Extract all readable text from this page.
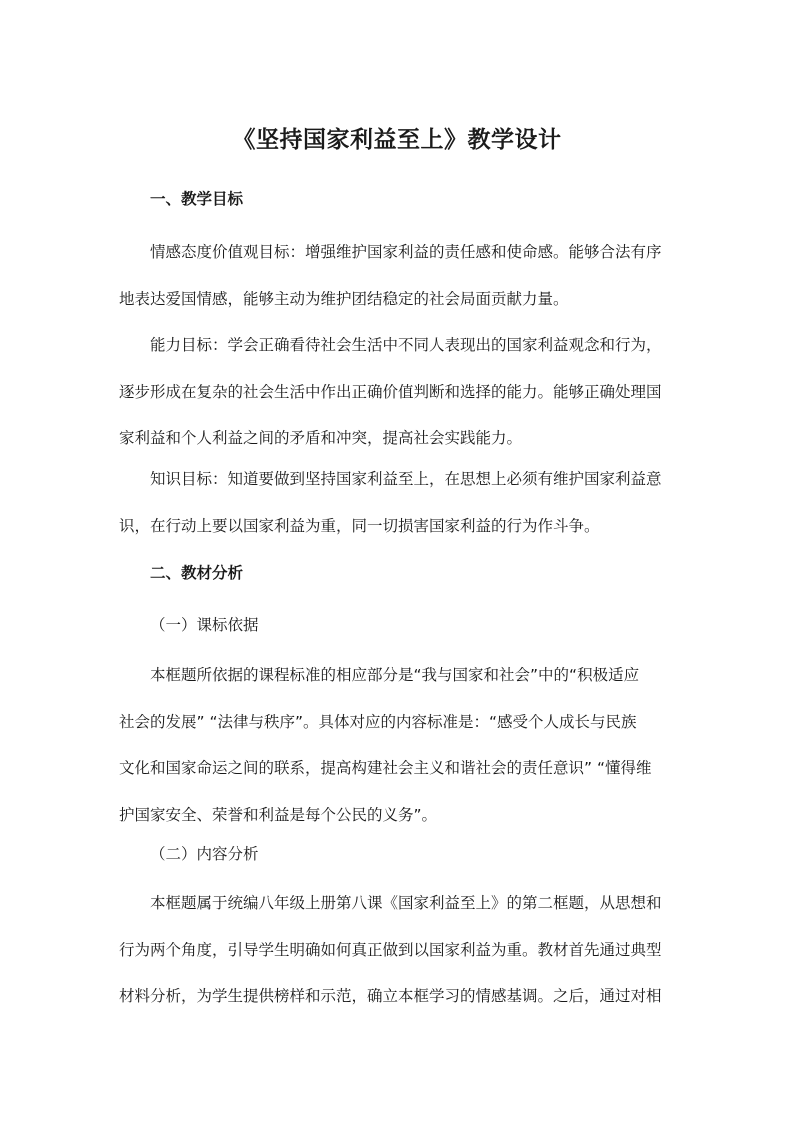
《坚持国家利益至上》教学设计
一、教学目标
情感态度价值观目标：增强维护国家利益的责任感和使命感。能够合法有序
地表达爱国情感，能够主动为维护团结稳定的社会局面贡献力量。
能力目标：学会正确看待社会生活中不同人表现出的国家利益观念和行为，
逐步形成在复杂的社会生活中作出正确价值判断和选择的能力。能够正确处理国
家利益和个人利益之间的矛盾和冲突，提高社会实践能力。
知识目标：知道要做到坚持国家利益至上，在思想上必须有维护国家利益意
识，在行动上要以国家利益为重，同一切损害国家利益的行为作斗争。
二、教材分析
（一）课标依据
本框题所依据的课程标准的相应部分是“我与国家和社会”中的“积极适应
社会的发展” “法律与秩序”。具体对应的内容标准是：“感受个人成长与民族
文化和国家命运之间的联系，提高构建社会主义和谐社会的责任意识” “懂得维
护国家安全、荣誉和利益是每个公民的义务”。
（二）内容分析
本框题属于统编八年级上册第八课《国家利益至上》的第二框题，从思想和
行为两个角度，引导学生明确如何真正做到以国家利益为重。教材首先通过典型
材料分析，为学生提供榜样和示范，确立本框学习的情感基调。之后，通过对相
